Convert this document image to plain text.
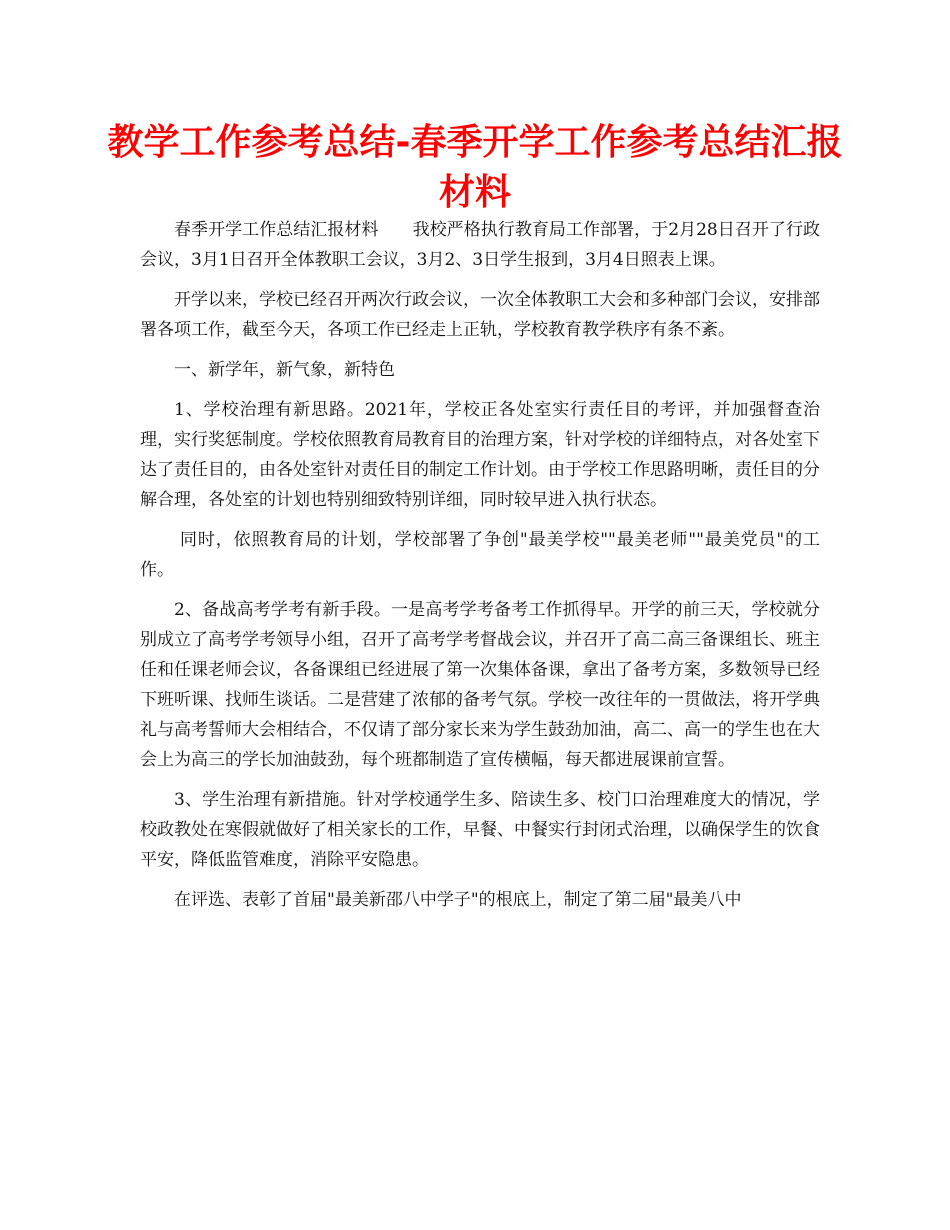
教学工作参考总结-春季开学工作参考总结汇报材料

春季开学工作总结汇报材料　　我校严格执行教育局工作部署，于2月28日召开了行政会议，3月1日召开全体教职工会议，3月2、3日学生报到，3月4日照表上课。

开学以来，学校已经召开两次行政会议，一次全体教职工大会和多种部门会议，安排部署各项工作，截至今天，各项工作已经走上正轨，学校教育教学秩序有条不紊。

一、新学年，新气象，新特色

1、学校治理有新思路。2021年，学校正各处室实行责任目的考评，并加强督查治理，实行奖惩制度。学校依照教育局教育目的治理方案，针对学校的详细特点，对各处室下达了责任目的，由各处室针对责任目的制定工作计划。由于学校工作思路明晰，责任目的分解合理，各处室的计划也特别细致特别详细，同时较早进入执行状态。

同时，依照教育局的计划，学校部署了争创"最美学校""最美老师""最美党员"的工作。

2、备战高考学考有新手段。一是高考学考备考工作抓得早。开学的前三天，学校就分别成立了高考学考领导小组，召开了高考学考督战会议，并召开了高二高三备课组长、班主任和任课老师会议，各备课组已经进展了第一次集体备课，拿出了备考方案，多数领导已经下班听课、找师生谈话。二是营建了浓郁的备考气氛。学校一改往年的一贯做法，将开学典礼与高考誓师大会相结合，不仅请了部分家长来为学生鼓劲加油，高二、高一的学生也在大会上为高三的学长加油鼓劲，每个班都制造了宣传横幅，每天都进展课前宣誓。

3、学生治理有新措施。针对学校通学生多、陪读生多、校门口治理难度大的情况，学校政教处在寒假就做好了相关家长的工作，早餐、中餐实行封闭式治理，以确保学生的饮食平安，降低监管难度，消除平安隐患。

在评选、表彰了首届"最美新邵八中学子"的根底上，制定了第二届"最美八中
